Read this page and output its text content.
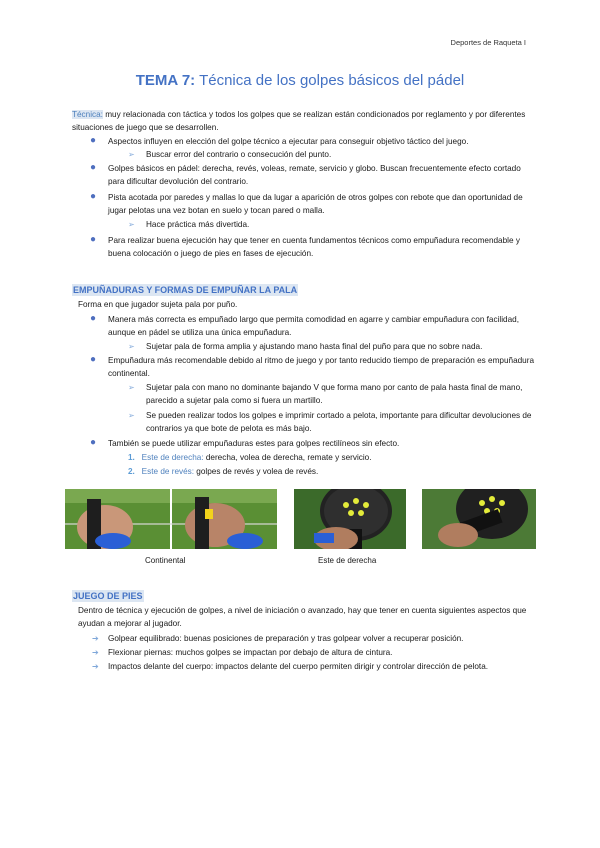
Deportes de Raqueta I
TEMA 7: Técnica de los golpes básicos del pádel
Técnica: muy relacionada con táctica y todos los golpes que se realizan están condicionados por reglamento y por diferentes situaciones de juego que se desarrollen.
● Aspectos influyen en elección del golpe técnico a ejecutar para conseguir objetivo táctico del juego.
➢ Buscar error del contrario o consecución del punto.
● Golpes básicos en pádel: derecha, revés, voleas, remate, servicio y globo. Buscan frecuentemente efecto cortado para dificultar devolución del contrario.
● Pista acotada por paredes y mallas lo que da lugar a aparición de otros golpes con rebote que dan oportunidad de jugar pelotas una vez botan en suelo y tocan pared o malla.
➢ Hace práctica más divertida.
● Para realizar buena ejecución hay que tener en cuenta fundamentos técnicos como empuñadura recomendable y buena colocación o juego de pies en fases de ejecución.
EMPUÑADURAS Y FORMAS DE EMPUÑAR LA PALA
Forma en que jugador sujeta pala por puño.
● Manera más correcta es empuñado largo que permita comodidad en agarre y cambiar empuñadura con facilidad, aunque en pádel se utiliza una única empuñadura.
➢ Sujetar pala de forma amplia y ajustando mano hasta final del puño para que no sobre nada.
● Empuñadura más recomendable debido al ritmo de juego y por tanto reducido tiempo de preparación es empuñadura continental.
➢ Sujetar pala con mano no dominante bajando V que forma mano por canto de pala hasta final de mano, parecido a sujetar pala como si fuera un martillo.
➢ Se pueden realizar todos los golpes e imprimir cortado a pelota, importante para dificultar devoluciones de contrarios ya que bote de pelota es más bajo.
● También se puede utilizar empuñaduras estes para golpes rectilíneos sin efecto.
1. Este de derecha: derecha, volea de derecha, remate y servicio.
2. Este de revés: golpes de revés y volea de revés.
Continental	Este de derecha
JUEGO DE PIES
Dentro de técnica y ejecución de golpes, a nivel de iniciación o avanzado, hay que tener en cuenta siguientes aspectos que ayudan a mejorar al jugador.
➔ Golpear equilibrado: buenas posiciones de preparación y tras golpear volver a recuperar posición.
➔ Flexionar piernas: muchos golpes se impactan por debajo de altura de cintura.
➔ Impactos delante del cuerpo: impactos delante del cuerpo permiten dirigir y controlar dirección de pelota.
